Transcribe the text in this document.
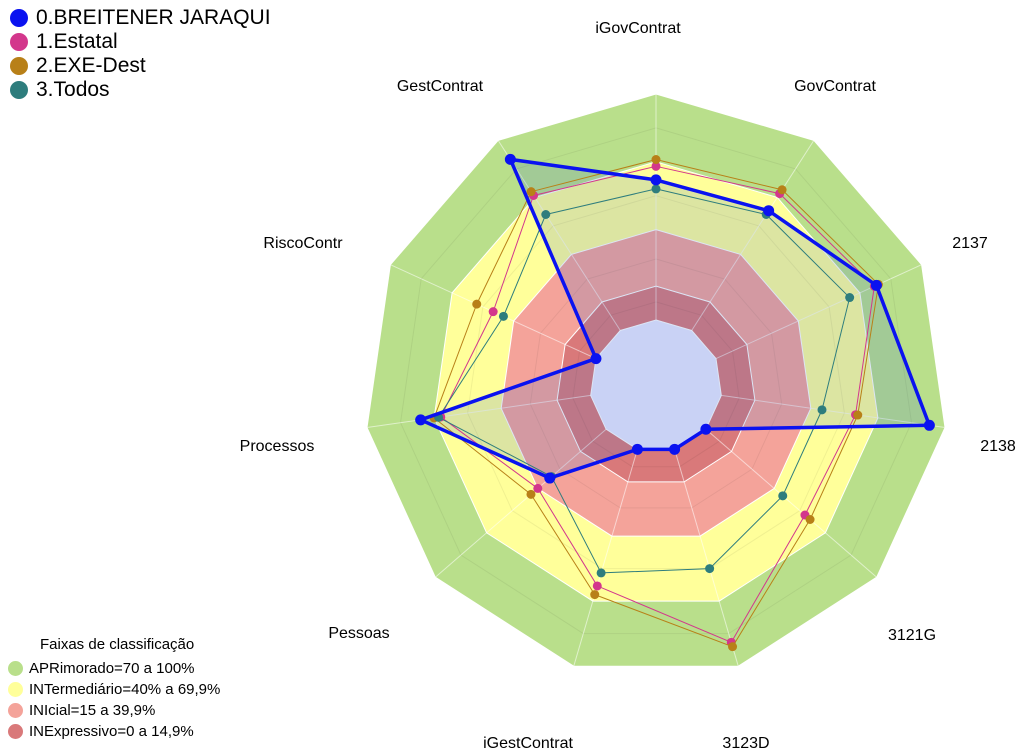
iGovContrat
GovContrat
2137
2138
3121G
3123D
iGestContrat
Pessoas
Processos
RiscoContr
GestContrat
0.BREITENER JARAQUI
1.Estatal
2.EXE-Dest
3.Todos
Faixas de classificação
APRimorado=70 a 100%
INTermediário=40% a 69,9%
INIcial=15 a 39,9%
INExpressivo=0 a 14,9%
